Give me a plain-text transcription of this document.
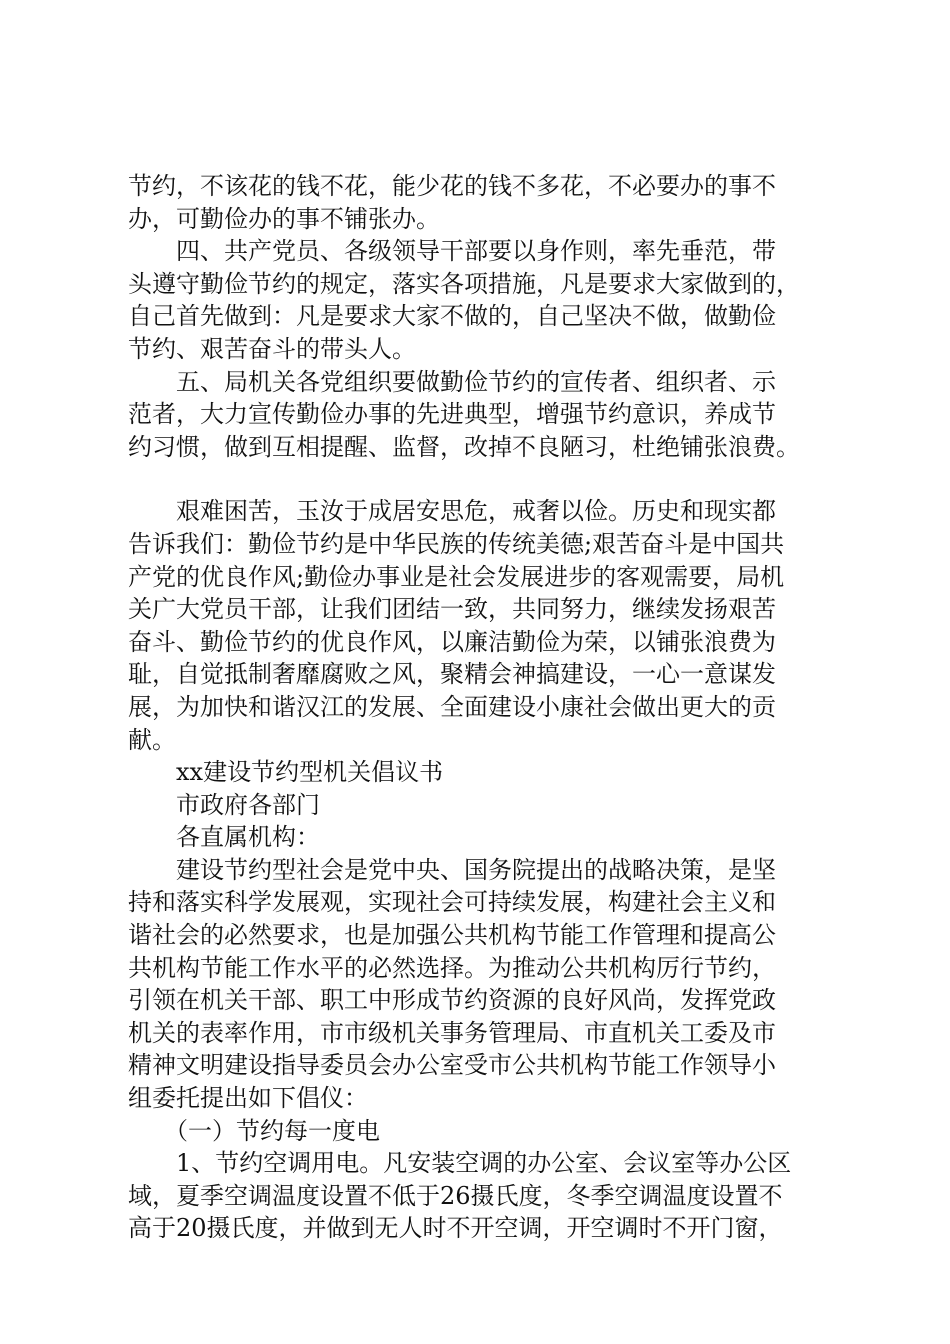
节约，不该花的钱不花，能少花的钱不多花，不必要办的事不
办，可勤俭办的事不铺张办。
　　四、共产党员、各级领导干部要以身作则，率先垂范，带
头遵守勤俭节约的规定，落实各项措施，凡是要求大家做到的，
自己首先做到：凡是要求大家不做的，自己坚决不做，做勤俭
节约、艰苦奋斗的带头人。
　　五、局机关各党组织要做勤俭节约的宣传者、组织者、示
范者，大力宣传勤俭办事的先进典型，增强节约意识，养成节
约习惯，做到互相提醒、监督，改掉不良陋习，杜绝铺张浪费。
　　艰难困苦，玉汝于成居安思危，戒奢以俭。历史和现实都
告诉我们：勤俭节约是中华民族的传统美德;艰苦奋斗是中国共
产党的优良作风;勤俭办事业是社会发展进步的客观需要，局机
关广大党员干部，让我们团结一致，共同努力，继续发扬艰苦
奋斗、勤俭节约的优良作风，以廉洁勤俭为荣，以铺张浪费为
耻，自觉抵制奢靡腐败之风，聚精会神搞建设，一心一意谋发
展，为加快和谐汉江的发展、全面建设小康社会做出更大的贡
献。
　　xx建设节约型机关倡议书
　　市政府各部门
　　各直属机构：
　　建设节约型社会是党中央、国务院提出的战略决策，是坚
持和落实科学发展观，实现社会可持续发展，构建社会主义和
谐社会的必然要求，也是加强公共机构节能工作管理和提高公
共机构节能工作水平的必然选择。为推动公共机构厉行节约，
引领在机关干部、职工中形成节约资源的良好风尚，发挥党政
机关的表率作用，市市级机关事务管理局、市直机关工委及市
精神文明建设指导委员会办公室受市公共机构节能工作领导小
组委托提出如下倡仪：
　　（一）节约每一度电
　　1、节约空调用电。凡安装空调的办公室、会议室等办公区
域，夏季空调温度设置不低于26摄氏度，冬季空调温度设置不
高于20摄氏度，并做到无人时不开空调，开空调时不开门窗，
